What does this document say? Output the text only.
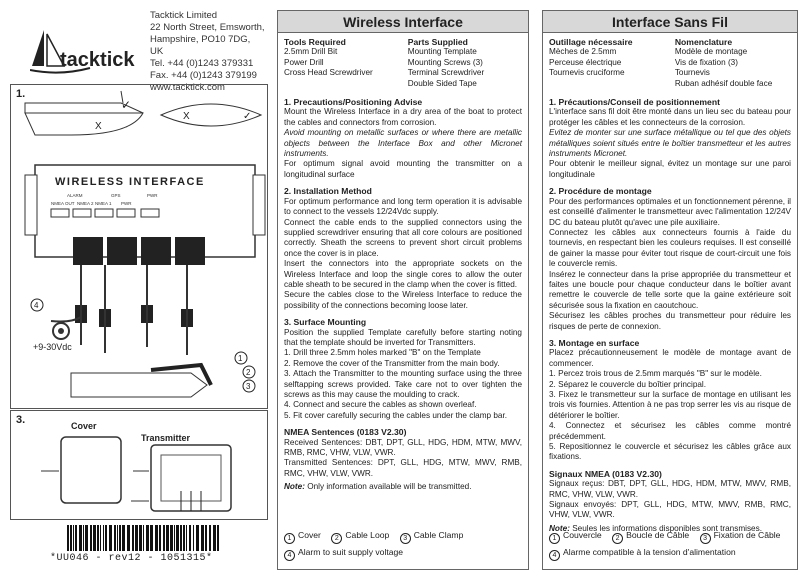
tacktick
Tacktick Limited
22 North Street, Emsworth,
Hampshire, PO10 7DG, UK
Tel. +44 (0)1243 379331
Fax. +44 (0)1243 379199
www.tacktick.com
1.
X
✓
X	✓
WIRELESS INTERFACE
ALARM
NMEA OUT NMEA 2
GPS
NMEA 1 PWR
PWR
4
+9-30Vdc
1
2
3
3.	Cover
Transmitter
*UU046 - rev12 - 1051315*
Wireless Interface
Tools Required
2.5mm Drill Bit
Power Drill
Cross Head Screwdriver
Parts Supplied
Mounting Template
Mounting Screws (3)
Terminal Screwdriver
Double Sided Tape
1. Precautions/Positioning Advise
Mount the Wireless Interface in a dry area of the boat to protect the cables and connectors from corrosion.
Avoid mounting on metallic surfaces or where there are metallic objects between the Interface Box and other Micronet instruments.
For optimum signal avoid mounting the transmitter on a longitudinal surface
2. Installation Method
For optimum performance and long term operation it is advisable to connect to the vessels 12/24Vdc supply.
Connect the cable ends to the supplied connectors using the supplied screwdriver ensuring that all core colours are positioned correctly. Sheath the screens to prevent short circuit problems once the cover is in place.
Insert the connectors into the appropriate sockets on the Wireless Interface and loop the single cores to allow the outer cable sheath to be secured in the clamp when the cover is fitted.
Secure the cables close to the Wireless Interface to reduce the possibility of the connections becoming loose later.
3. Surface Mounting
Position the supplied Template carefully before starting noting that the template should be inverted for Transmitters.
1. Drill three 2.5mm holes marked "B" on the Template
2. Remove the cover of the Transmitter from the main body.
3. Attach the Transmitter to the mounting surface using the three selftapping screws provided. Take care not to over tighten the screws as this may cause the moulding to crack.
4. Connect and secure the cables as shown overleaf.
5. Fit cover carefully securing the cables under the clamp bar.
NMEA Sentences (0183 V2.30)
Received Sentences: DBT, DPT, GLL, HDG, HDM, MTW, MWV, RMB, RMC, VHW, VLW, VWR.
Transmitted Sentences: DPT, GLL, HDG, MTW, MWV, RMB, RMC, VHW, VLW, VWR.
Note: Only information available will be transmitted.
1 Cover 2 Cable Loop 3 Cable Clamp
4 Alarm to suit supply voltage
Interface Sans Fil
Outillage nécessaire
Mèches de 2.5mm
Perceuse électrique
Tournevis cruciforme
Nomenclature
Modèle de montage
Vis de fixation (3)
Tournevis
Ruban adhésif double face
1. Précautions/Conseil de positionnement
L'interface sans fil doit être monté dans un lieu sec du bateau pour protéger les câbles et les connecteurs de la corrosion.
Evitez de monter sur une surface métallique ou tel que des objets métalliques soient situés entre le boîtier transmetteur et les autres instruments Micronet.
Pour obtenir le meilleur signal, évitez un montage sur une paroi longitudinale
2. Procédure de montage
Pour des performances optimales et un fonctionnement pérenne, il est conseillé d'alimenter le transmetteur avec l'alimentation 12/24V DC du bateau plutôt qu'avec une pile auxiliaire.
Connectez les câbles aux connecteurs fournis à l'aide du tournevis, en respectant bien les couleurs requises. Il est conseillé de gainer la masse pour éviter tout risque de court-circuit une fois le couvercle remis.
Insérez le connecteur dans la prise appropriée du transmetteur et faites une boucle pour chaque conducteur dans le boîtier avant remettre le couvercle de telle sorte que la gaine extérieure soit sécurisée sous la fixation en caoutchouc.
Sécurisez les câbles proches du transmetteur pour réduire les risques de perte de connexion.
3. Montage en surface
Placez précautionneusement le modèle de montage avant de commencer.
1. Percez trois trous de 2.5mm marqués "B" sur le modèle.
2. Séparez le couvercle du boîtier principal.
3. Fixez le transmetteur sur la surface de montage en utilisant les trois vis fournies. Attention à ne pas trop serrer les vis au risque de détériorer le boîtier.
4. Connectez et sécurisez les câbles comme montré précédemment.
5. Repositionnez le couvercle et sécurisez les câbles grâce aux fixations.
Signaux NMEA (0183 V2.30)
Signaux reçus: DBT, DPT, GLL, HDG, HDM, MTW, MWV, RMB, RMC, VHW, VLW, VWR.
Signaux envoyés: DPT, GLL, HDG, MTW, MWV, RMB, RMC, VHW, VLW, VWR.
Note: Seules les informations disponibles sont transmises.
1 Couvercle 2 Boucle de Câble 3 Fixation de Câble
4 Alarme compatible à la tension d'alimentation
